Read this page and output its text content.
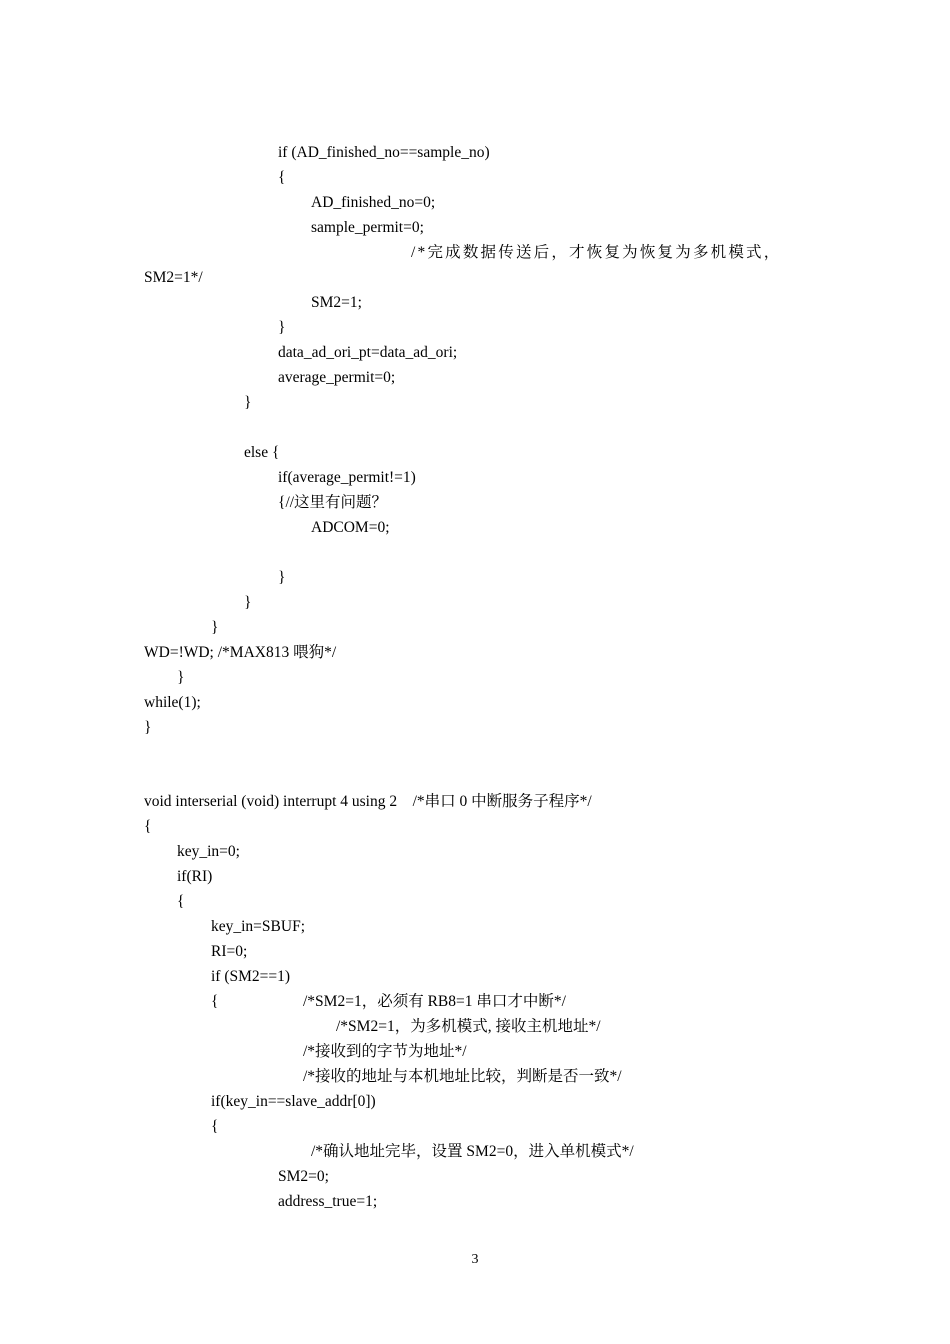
if (AD_finished_no==sample_no)
{
AD_finished_no=0;
sample_permit=0;
/*完成数据传送后，才恢复为恢复为多机模式，
SM2=1*/
SM2=1;
}
data_ad_ori_pt=data_ad_ori;
average_permit=0;
}
else {
if(average_permit!=1)
{//这里有问题？
ADCOM=0;
}
}
}
WD=!WD; /*MAX813 喂狗*/
}
while(1);
}
void interserial (void) interrupt 4 using 2    /*串口 0 中断服务子程序*/
{
key_in=0;
if(RI)
{
key_in=SBUF;
RI=0;
if (SM2==1)
{	/*SM2=1，必须有 RB8=1 串口才中断*/
/*SM2=1，为多机模式, 接收主机地址*/
/*接收到的字节为地址*/
/*接收的地址与本机地址比较，判断是否一致*/
if(key_in==slave_addr[0])
{
/*确认地址完毕，设置 SM2=0，进入单机模式*/
SM2=0;
address_true=1;
3
